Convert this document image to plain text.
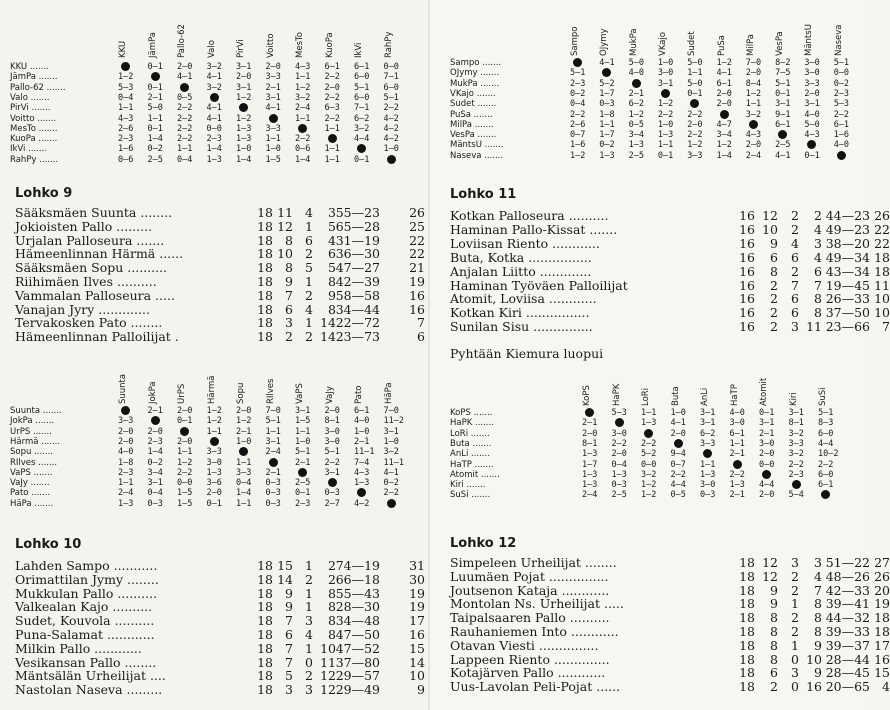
KKU JämPa Pallo-62 Valo PirVi Voitto MesTo KuoPa IkVi RahPy
KKU .......	0—1 2—0 3—2 3—1 2—0 4—3 6—1 6—1 0—0
JämPa .......	1—2	4—1 4—1 2—0 3—3 1—1 2—2 6—0 7—1
Pallo-62 .......	5—3 0—1	3—2 3—1 2—1 1—2 2—0 5—1 6—0
Valo .......	0—4 2—1 0—5	1—2 3—1 3—2 2—2 6—0 5—1
PirVi .......	1—1 5—0 2—2 4—1	4—1 2—4 6—3 7—1 2—2
Voitto .......	4—3 1—1 2—2 4—1 1—2	1—1 2—2 6—2 4—2
MesTo .......	2—6 0—1 2—2 0—0 1—3 3—3	1—1 3—2 4—2
KuoPa .......	2—3 1—4 2—2 2—3 1—3 1—1 2—2	4—4 4—2
IkVi .......	1—6 0—2 1—1 1—4 1—0 1—0 0—6 1—1	1—0
RahPy .......	0—6 2—5 0—4 1—3 1—4 1—5 1—4 1—1 0—1
Lohko 9
Sääksmäen Suunta ........	18 11 4 3 55—23 26
Jokioisten Pallo .........	18 12 1 5 65—28 25
Urjalan Palloseura .......	18 8 6 4 31—19 22
Hämeenlinnan Härmä ......	18 10 2 6 36—30 22
Sääksmäen Sopu ..........	18 8 5 5 47—27 21
Riihimäen Ilves ..........	18 9 1 8 42—39 19
Vammalan Palloseura .....	18 7 2 9 58—58 16
Vanajan Jyry .............	18 6 4 8 34—44 16
Tervakosken Pato ........	18 3 1 14 22—72	7
Hämeenlinnan Palloilijat .	18 2 2 14 23—73	6
Suunta JokPa UrPS Härmä Sopu RIlves VaPS VaJy Pato HäPa
Suunta .......	2—1 2—0 1—2 2—0 7—0 3—1 2—0 6—1 7—0
JokPa .......	3—3	0—1 1—2 1—2 5—1 1—5 8—1 4—0 11—2
UrPS .......	2—0 2—0	1—1 2—1 1—1 1—1 3—0 1—0 3—1
Härmä .......	2—0 2—3 2—0	1—0 3—1 1—0 3—0 2—1 1—0
Sopu .......	4—0 1—4 1—1 3—3	2—4 5—1 5—1 11—1 3—2
RIlves .......	1—8 0—2 1—2 3—0 1—1	2—1 2—2 7—4 11—1
VaPS .......	2—3 3—4 2—2 1—3 3—3 2—1	3—1 4—3 4—1
VaJy .......	1—1 3—1 0—0 3—6 0—4 0—3 2—5	1—3 0—2
Pato .......	2—4 0—4 1—5 2—0 1—4 0—3 0—1 0—3	2—2
HäPa .......	1—3 0—3 1—5 0—1 1—1 0—3 2—3 2—7 4—2
Lohko 10
Lahden Sampo ...........	18 15 1 2 74—19 31
Orimattilan Jymy ........	18 14 2 2 66—18 30
Mukkulan Pallo ..........	18 9 1 8 55—43 19
Valkealan Kajo ..........	18 9 1 8 28—30 19
Sudet, Kouvola ..........	18 7 3 8 34—48 17
Puna-Salamat ............	18 6 4 8 47—50 16
Milkin Pallo ............	18 7 1 10 47—52 15
Vesikansan Pallo ........	18 7 0 11 37—80 14
Mäntsälän Urheilijat ....	18 5 2 12 29—57 10
Nastolan Naseva .........	18 3 3 12 29—49	9
Sampo OJymy MukPa VKajo Sudet PuSa MilPa VesPa MäntsU Naseva
Sampo .......	4—1 5—0 1—0 5—0 1—2 7—0 8—2 3—0 5—1
OJymy .......	5—1	4—0 3—0 1—1 4—1 2—0 7—5 3—0 0—0
MukPa .......	2—3 5—2	3—1 5—0 6—1 8—4 5—1 3—3 0—2
VKajo .......	0—2 1—7 2—1	0—1 2—0 1—2 0—1 2—0 2—3
Sudet .......	0—4 0—3 6—2 1—2	2—0 1—1 3—1 3—1 5—3
PuSa .......	2—2 1—8 1—2 2—2 2—2	3—2 9—1 4—0 2—2
MilPa .......	2—6 1—1 0—5 1—0 2—0 4—7	6—1 5—0 6—1
VesPa .......	0—7 1—7 3—4 1—3 2—2 3—4 4—3	4—3 1—6
MäntsU .......	1—6 0—2 1—3 1—1 1—2 1—2 2—0 2—5	4—0
Naseva .......	1—2 1—3 2—5 0—1 3—3 1—4 2—4 4—1 0—1
Lohko 11
Kotkan Palloseura ..........	16 12 2 2 44—23 26
Haminan Pallo-Kissat .......	16 10 2 4 49—23 22
Loviisan Riento ............	16 9 4 3 38—20 22
Buta, Kotka ................	16 6 6 4 49—34 18
Anjalan Liitto .............	16 8 2 6 43—34 18
Haminan Työväen Palloilijat	16 2 7 7 19—45 11
Atomit, Loviisa ............	16 2 6 8 26—33 10
Kotkan Kiri ................	16 2 6 8 37—50 10
Sunilan Sisu ...............	16 2 3 11 23—66 7
Pyhtään Kiemura luopui
KoPS HaPK LoRi Buta AnLi HaTP Atomit Kiri SuSi
KoPS .......	5—3 1—1 1—0 3—1 4—0 0—1 3—1 5—1
HaPK .......	2—1	1—3 4—1 3—1 3—0 3—1 8—1 8—3
LoRi .......	2—0 3—0	2—0 6—2 6—1 2—1 3—2 6—0
Buta .......	8—1 2—2 2—2	3—3 1—1 3—0 3—3 4—4
AnLi .......	1—3 2—0 5—2 9—4	2—1 2—0 3—2 10—2
HaTP .......	1—7 0—4 0—0 0—7 1—1	0—0 2—2 2—2
Atomit .......	1—3 1—3 3—2 2—2 1—3 2—2	2—3 6—0
Kiri .......	1—3 0—3 1—2 4—4 3—0 1—3 4—4	6—1
SuSi .......	2—4 2—5 1—2 0—5 0—3 2—1 2—0 5—4
Lohko 12
Simpeleen Urheilijat ........	18 12 3 3 51—22 27
Luumäen Pojat ...............	18 12 2 4 48—26 26
Joutsenon Kataja ............	18 9 2 7 42—33 20
Montolan Ns. Urheilijat .....	18 9 1 8 39—41 19
Taipalsaaren Pallo ..........	18 8 2 8 44—32 18
Rauhaniemen Into ............	18 8 2 8 39—33 18
Otavan Viesti ...............	18 8 1 9 39—37 17
Lappeen Riento ..............	18 8 0 10 28—44 16
Kotajärven Pallo ............	18 6 3 9 28—45 15
Uus-Lavolan Peli-Pojat ......	18 2 0 16 20—65 4
